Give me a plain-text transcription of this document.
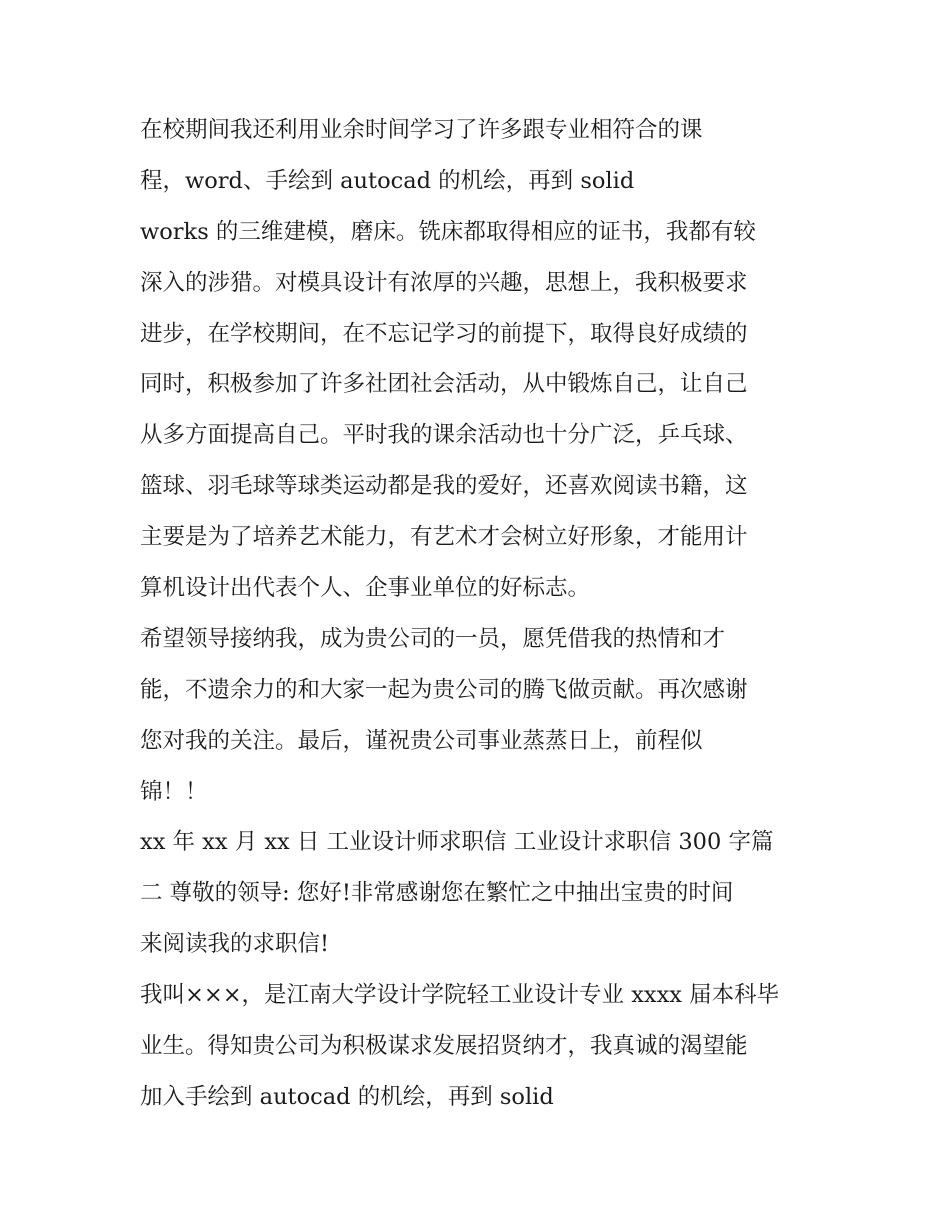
在校期间我还利用业余时间学习了许多跟专业相符合的课
程，word、手绘到 autocad 的机绘，再到 solid
works 的三维建模，磨床。铣床都取得相应的证书，我都有较
深入的涉猎。对模具设计有浓厚的兴趣，思想上，我积极要求
进步，在学校期间，在不忘记学习的前提下，取得良好成绩的
同时，积极参加了许多社团社会活动，从中锻炼自己，让自己
从多方面提高自己。平时我的课余活动也十分广泛，乒乓球、
篮球、羽毛球等球类运动都是我的爱好，还喜欢阅读书籍，这
主要是为了培养艺术能力，有艺术才会树立好形象，才能用计
算机设计出代表个人、企事业单位的好标志。
希望领导接纳我，成为贵公司的一员，愿凭借我的热情和才
能，不遗余力的和大家一起为贵公司的腾飞做贡献。再次感谢
您对我的关注。最后，谨祝贵公司事业蒸蒸日上，前程似
锦！！
xx 年 xx 月 xx 日 工业设计师求职信 工业设计求职信 300 字篇
二 尊敬的领导: 您好!非常感谢您在繁忙之中抽出宝贵的时间
来阅读我的求职信!
我叫×××，是江南大学设计学院轻工业设计专业 xxxx 届本科毕
业生。得知贵公司为积极谋求发展招贤纳才，我真诚的渴望能
加入手绘到 autocad 的机绘，再到 solid
